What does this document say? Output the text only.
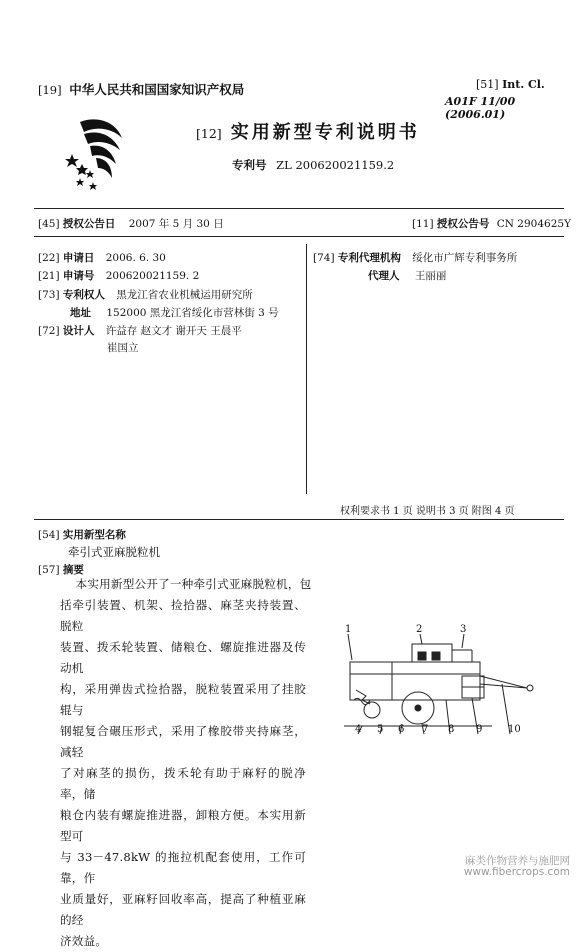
[19] 中华人民共和国国家知识产权局	[51] Int. Cl.
A01F 11/00 (2006.01)
[12] 实用新型专利说明书
专利号 ZL 200620021159.2
[45] 授权公告日 2007 年 5 月 30 日	[11] 授权公告号 CN 2904625Y
[22] 申请日 2006. 6. 30
[21] 申请号 200620021159. 2
[73] 专利权人 黑龙江省农业机械运用研究所
地址 152000 黑龙江省绥化市营林街 3 号
[72] 设计人 许益存 赵文才 谢开天 王晨平
崔国立
[74] 专利代理机构 绥化市广辉专利事务所
代理人 王丽丽
权利要求书 1 页 说明书 3 页 附图 4 页
[54] 实用新型名称
牵引式亚麻脱粒机
[57] 摘要

本实用新型公开了一种牵引式亚麻脱粒机，包

括牵引装置、机架、捡拾器、麻茎夹持装置、脱粒

装置、拨禾轮装置、储粮仓、螺旋推进器及传动机

构，采用弹齿式捡拾器，脱粒装置采用了挂胶辊与

钢辊复合碾压形式，采用了橡胶带夹持麻茎，减轻

了对麻茎的损伤，拨禾轮有助于麻籽的脱净率，储

粮仓内装有螺旋推进器，卸粮方便。本实用新型可

与 33－47.8kW 的拖拉机配套使用，工作可靠，作

业质量好，亚麻籽回收率高，提高了种植亚麻的经

济效益。

1	2	3
4 5 6 7 8 9	10
麻类作物营养与施肥网
www.fibercrops.com
